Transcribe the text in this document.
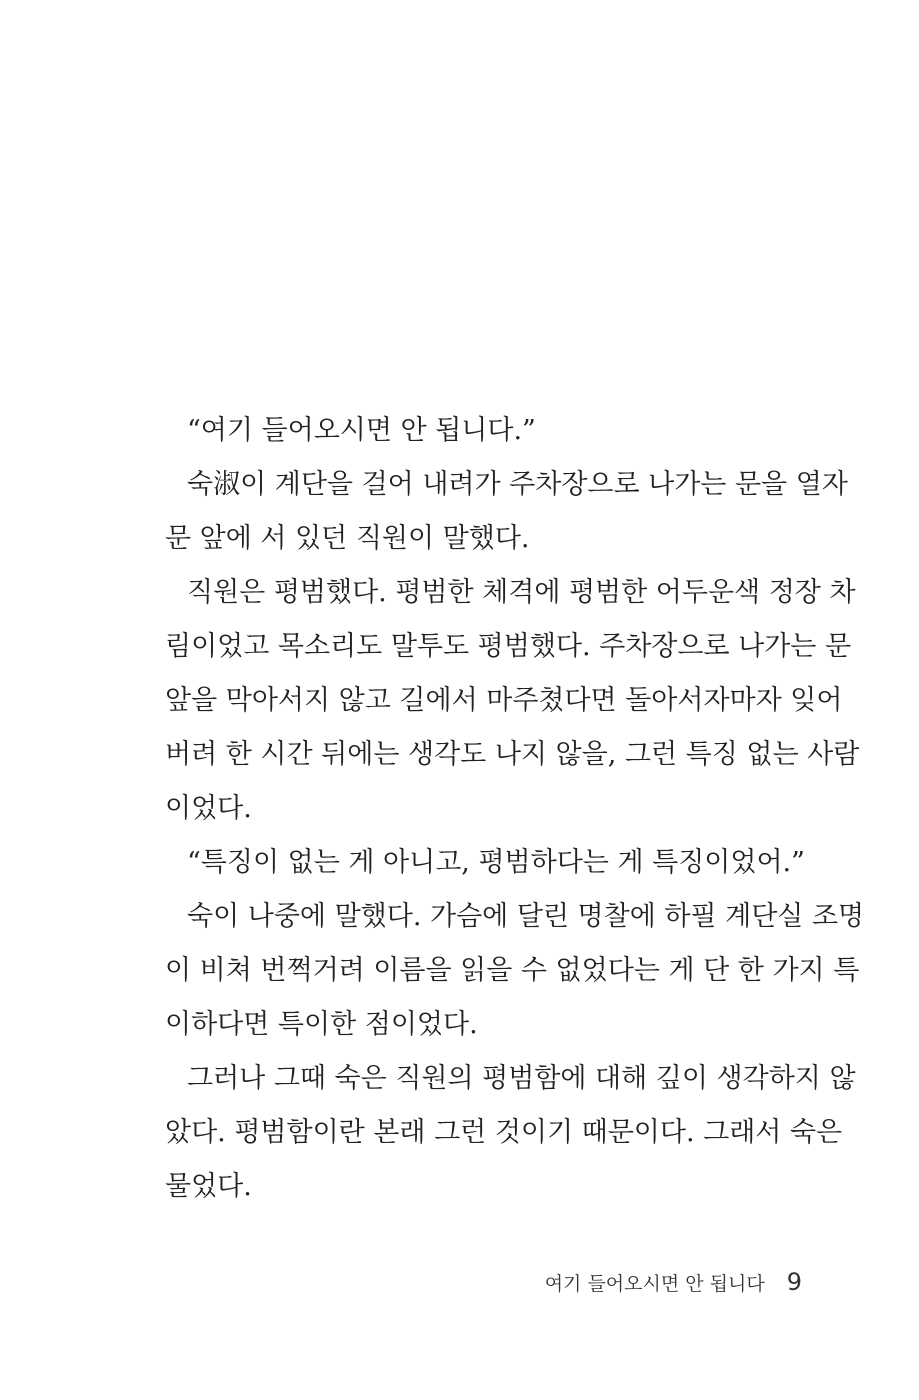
“여기 들어오시면 안 됩니다.”
숙淑이 계단을 걸어 내려가 주차장으로 나가는 문을 열자
문 앞에 서 있던 직원이 말했다.
직원은 평범했다. 평범한 체격에 평범한 어두운색 정장 차
림이었고 목소리도 말투도 평범했다. 주차장으로 나가는 문
앞을 막아서지 않고 길에서 마주쳤다면 돌아서자마자 잊어
버려 한 시간 뒤에는 생각도 나지 않을, 그런 특징 없는 사람
이었다.
“특징이 없는 게 아니고, 평범하다는 게 특징이었어.”
숙이 나중에 말했다. 가슴에 달린 명찰에 하필 계단실 조명
이 비쳐 번쩍거려 이름을 읽을 수 없었다는 게 단 한 가지 특
이하다면 특이한 점이었다.
그러나 그때 숙은 직원의 평범함에 대해 깊이 생각하지 않
았다. 평범함이란 본래 그런 것이기 때문이다. 그래서 숙은
물었다.
여기 들어오시면 안 됩니다 9
